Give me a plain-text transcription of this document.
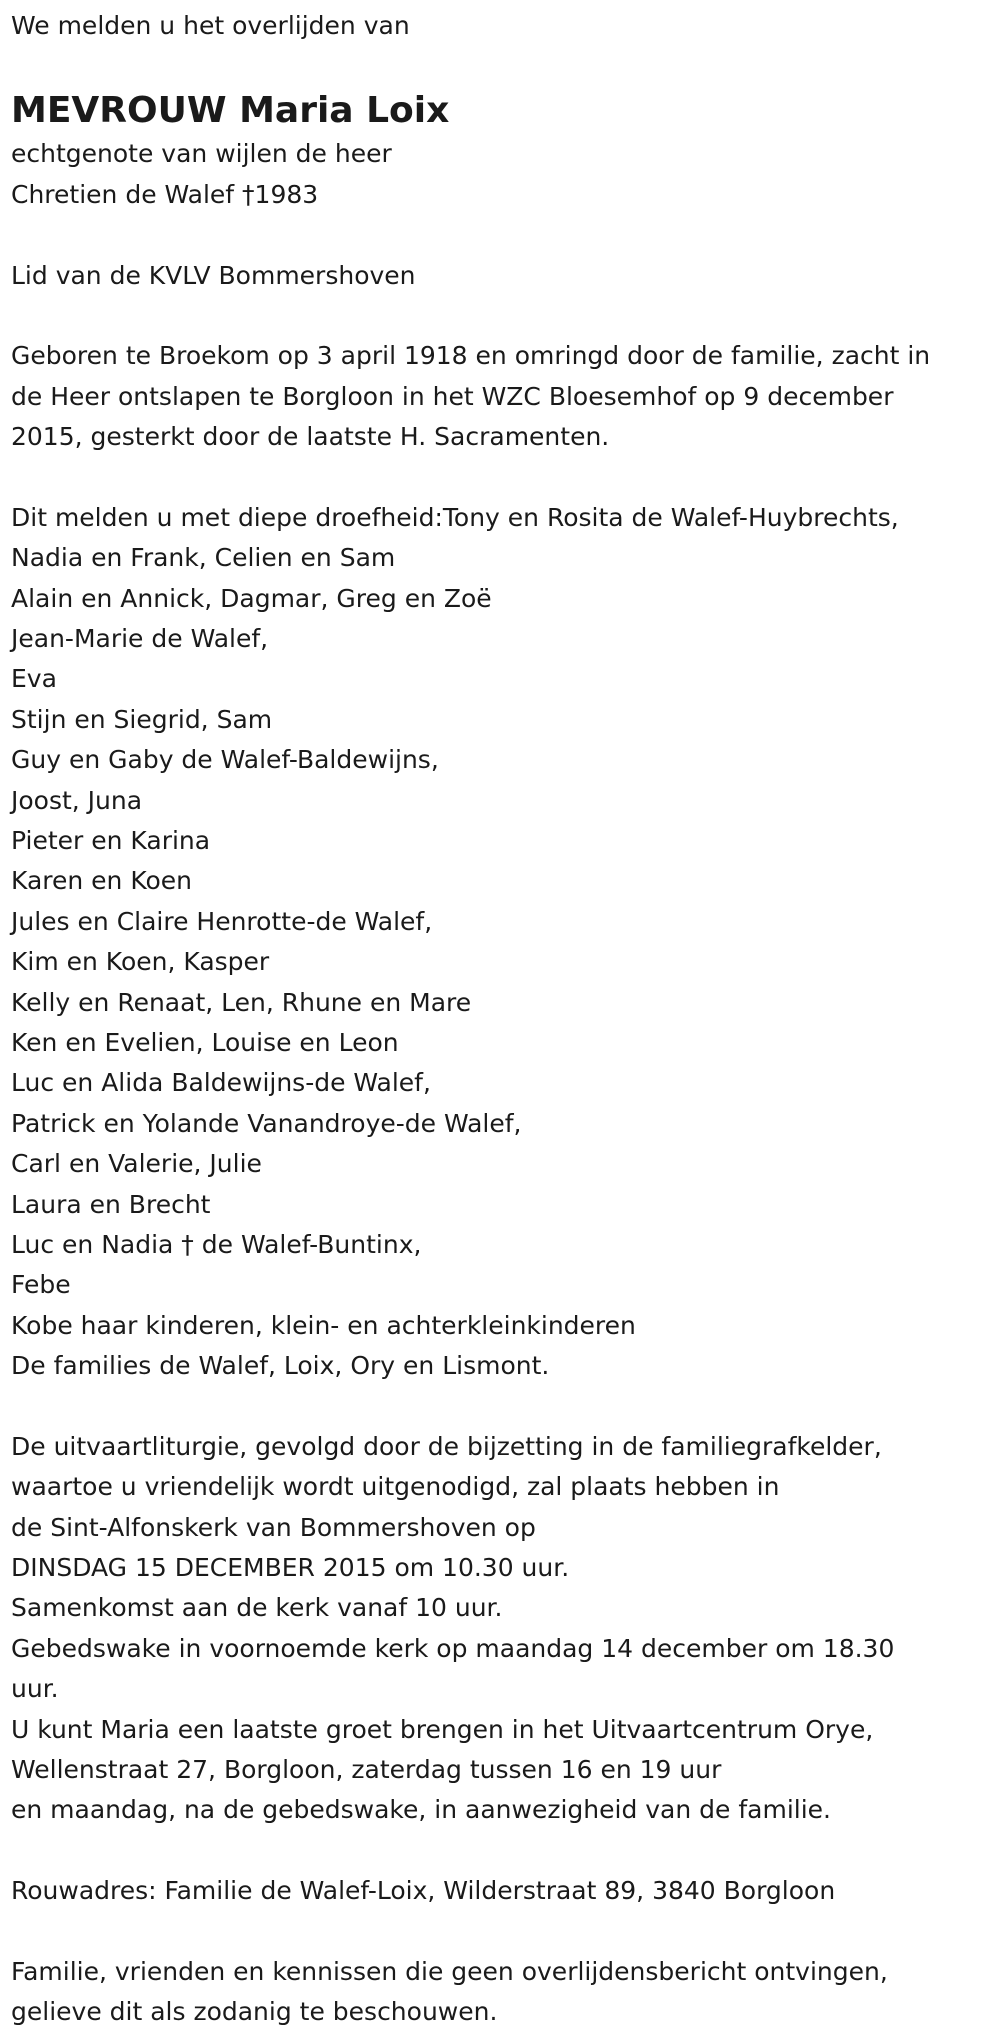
We melden u het overlijden van

MEVROUW Maria Loix

echtgenote van wijlen de heer

Chretien de Walef †1983

Lid van de KVLV Bommershoven

Geboren te Broekom op 3 april 1918 en omringd door de familie, zacht in

de Heer ontslapen te Borgloon in het WZC Bloesemhof op 9 december

2015, gesterkt door de laatste H. Sacramenten.

Dit melden u met diepe droefheid:Tony en Rosita de Walef-Huybrechts,

Nadia en Frank, Celien en Sam

Alain en Annick, Dagmar, Greg en Zoë

Jean-Marie de Walef,

Eva

Stijn en Siegrid, Sam

Guy en Gaby de Walef-Baldewijns,

Joost, Juna

Pieter en Karina

Karen en Koen

Jules en Claire Henrotte-de Walef,

Kim en Koen, Kasper

Kelly en Renaat, Len, Rhune en Mare

Ken en Evelien, Louise en Leon

Luc en Alida Baldewijns-de Walef,

Patrick en Yolande Vanandroye-de Walef,

Carl en Valerie, Julie

Laura en Brecht

Luc en Nadia † de Walef-Buntinx,

Febe

Kobe haar kinderen, klein- en achterkleinkinderen

De families de Walef, Loix, Ory en Lismont.

De uitvaartliturgie, gevolgd door de bijzetting in de familiegrafkelder,

waartoe u vriendelijk wordt uitgenodigd, zal plaats hebben in

de Sint-Alfonskerk van Bommershoven op

DINSDAG 15 DECEMBER 2015 om 10.30 uur.

Samenkomst aan de kerk vanaf 10 uur.

Gebedswake in voornoemde kerk op maandag 14 december om 18.30

uur.

U kunt Maria een laatste groet brengen in het Uitvaartcentrum Orye,

Wellenstraat 27, Borgloon, zaterdag tussen 16 en 19 uur

en maandag, na de gebedswake, in aanwezigheid van de familie.

Rouwadres: Familie de Walef-Loix, Wilderstraat 89, 3840 Borgloon

Familie, vrienden en kennissen die geen overlijdensbericht ontvingen,

gelieve dit als zodanig te beschouwen.
